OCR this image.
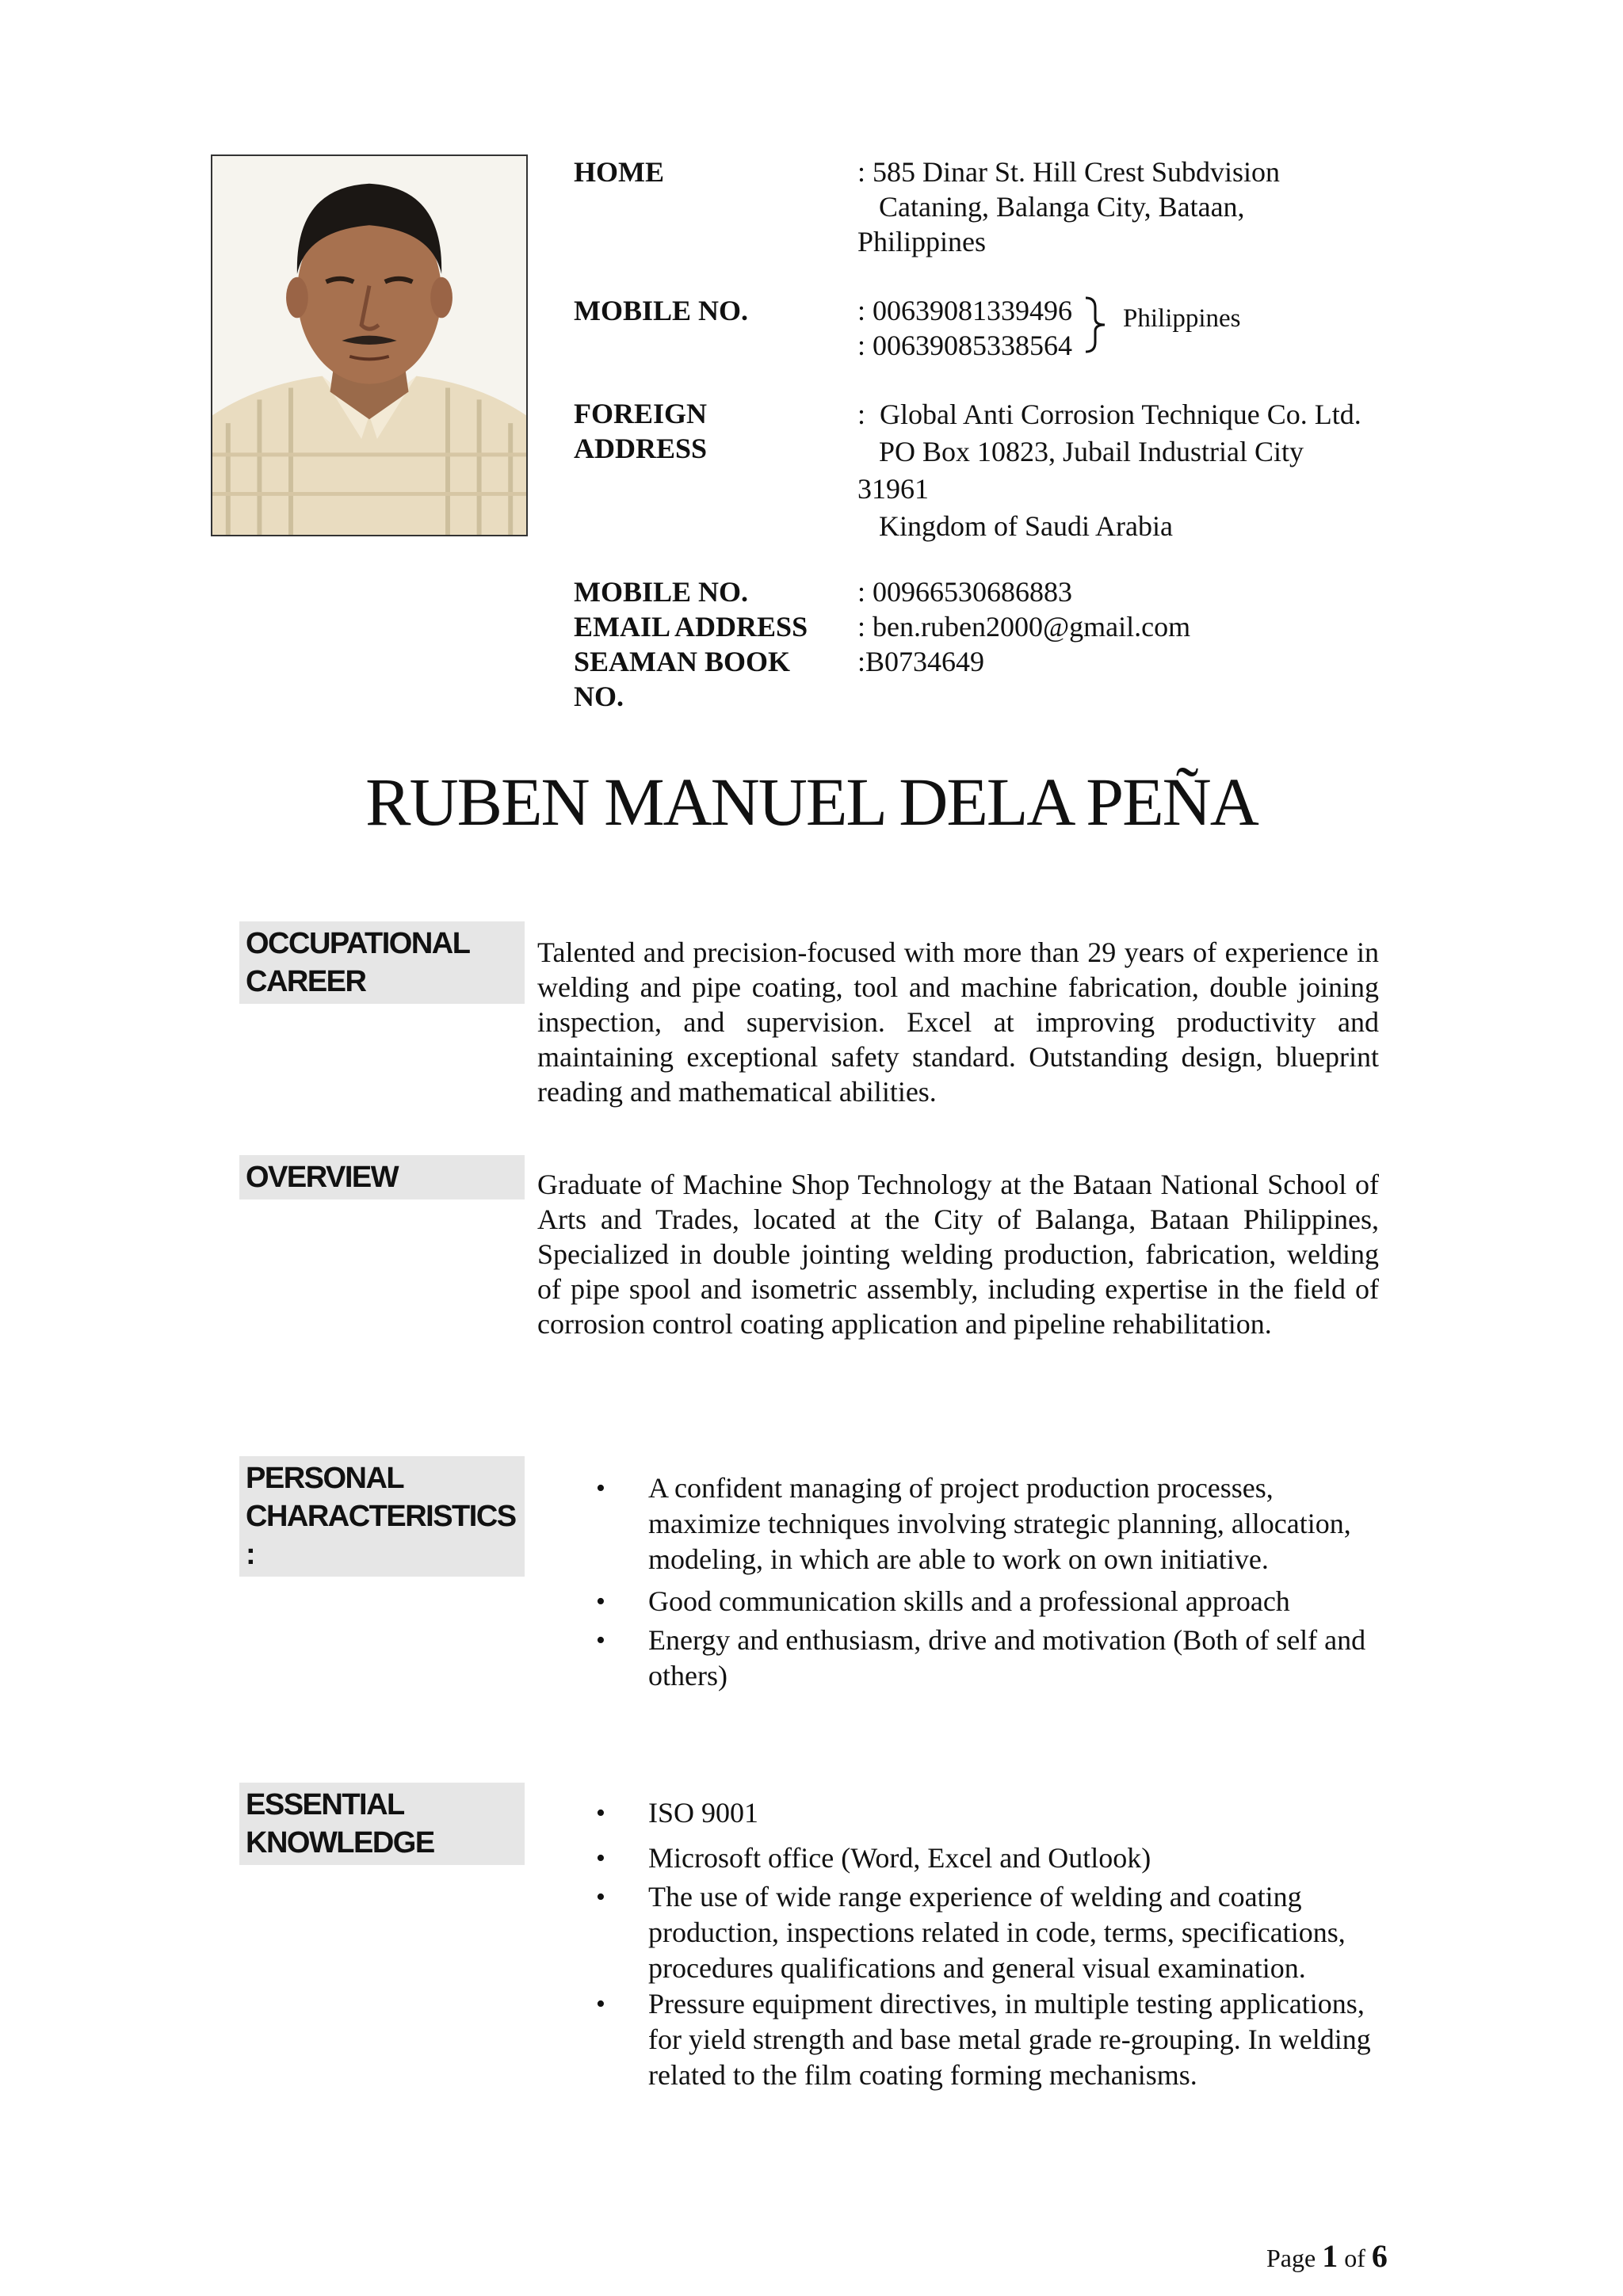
HOME	: 585 Dinar St. Hill Crest Subdvision
Cataning, Balanga City, Bataan,
Philippines
MOBILE NO.	: 00639081339496
: 00639085338564
FOREIGN
ADDRESS
:  Global Anti Corrosion Technique Co. Ltd.
PO Box 10823, Jubail Industrial City
31961
Kingdom of Saudi Arabia
MOBILE NO.	: 00966530686883
EMAIL ADDRESS	: ben.ruben2000@gmail.com
SEAMAN BOOK
NO.
:B0734649
Philippines
RUBEN MANUEL DELA PEÑA
OCCUPATIONAL
CAREER
Talented and precision-focused with more than 29 years of experience in welding and pipe coating, tool and machine fabrication, double joining inspection, and supervision. Excel at improving productivity and maintaining exceptional safety standard. Outstanding design, blueprint reading and mathematical abilities.
OVERVIEW	Graduate of Machine Shop Technology at the Bataan National School of Arts and Trades, located at the City of Balanga, Bataan Philippines, Specialized in double jointing welding production, fabrication, welding of pipe spool and isometric assembly, including expertise in the field of corrosion control coating application and pipeline rehabilitation.
PERSONAL
CHARACTERISTICS
:
• A confident managing of project production processes, maximize techniques involving strategic planning, allocation, modeling, in which are able to work on own initiative.
• Good communication skills and a professional approach
• Energy and enthusiasm, drive and motivation (Both of self and others)
ESSENTIAL
KNOWLEDGE
• ISO 9001
• Microsoft office (Word, Excel and Outlook)
• The use of wide range experience of welding and coating production, inspections related in code, terms, specifications, procedures qualifications and general visual examination.
• Pressure equipment directives, in multiple testing applications, for yield strength and base metal grade re-grouping. In welding related to the film coating forming mechanisms.
Page 1 of 6
